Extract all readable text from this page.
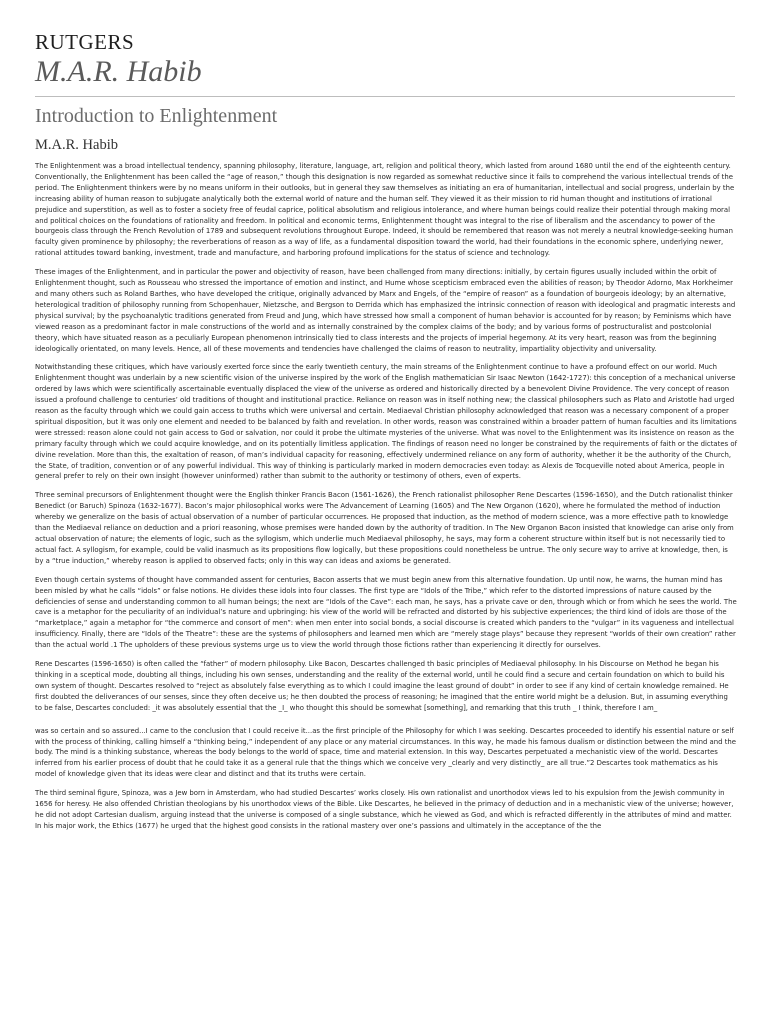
RUTGERS
M.A.R. Habib
Introduction to Enlightenment
M.A.R. Habib

The Enlightenment was a broad intellectual tendency, spanning philosophy, literature, language, art, religion and political theory, which lasted from around 1680 until the end of the eighteenth century. Conventionally, the Enlightenment has been called the “age of reason,” though this designation is now regarded as somewhat reductive since it fails to comprehend the various intellectual trends of the period. The Enlightenment thinkers were by no means uniform in their outlooks, but in general they saw themselves as initiating an era of humanitarian, intellectual and social progress, underlain by the increasing ability of human reason to subjugate analytically both the external world of nature and the human self. They viewed it as their mission to rid human thought and institutions of irrational prejudice and superstition, as well as to foster a society free of feudal caprice, political absolutism and religious intolerance, and where human beings could realize their potential through making moral and political choices on the foundations of rationality and freedom. In political and economic terms, Enlightenment thought was integral to the rise of liberalism and the ascendancy to power of the bourgeois class through the French Revolution of 1789 and subsequent revolutions throughout Europe. Indeed, it should be remembered that reason was not merely a neutral knowledge-seeking human faculty given prominence by philosophy; the reverberations of reason as a way of life, as a fundamental disposition toward the world, had their foundations in the economic sphere, underlying newer, rational attitudes toward banking, investment, trade and manufacture, and harboring profound implications for the status of science and technology.

These images of the Enlightenment, and in particular the power and objectivity of reason, have been challenged from many directions: initially, by certain figures usually included within the orbit of Enlightenment thought, such as Rousseau who stressed the importance of emotion and instinct, and Hume whose scepticism embraced even the abilities of reason; by Theodor Adorno, Max Horkheimer and many others such as Roland Barthes, who have developed the critique, originally advanced by Marx and Engels, of the “empire of reason” as a foundation of bourgeois ideology; by an alternative, heterological tradition of philosophy running from Schopenhauer, Nietzsche, and Bergson to Derrida which has emphasized the intrinsic connection of reason with ideological and pragmatic interests and physical survival; by the psychoanalytic traditions generated from Freud and Jung, which have stressed how small a component of human behavior is accounted for by reason; by Feminisms which have viewed reason as a predominant factor in male constructions of the world and as internally constrained by the complex claims of the body; and by various forms of postructuralist and postcolonial theory, which have situated reason as a peculiarly European phenomenon intrinsically tied to class interests and the projects of imperial hegemony. At its very heart, reason was from the beginning ideologically orientated, on many levels. Hence, all of these movements and tendencies have challenged the claims of reason to neutrality, impartiality objectivity and universality.

Notwithstanding these critiques, which have variously exerted force since the early twentieth century, the main streams of the Enlightenment continue to have a profound effect on our world. Much Enlightenment thought was underlain by a new scientific vision of the universe inspired by the work of the English mathematician Sir Isaac Newton (1642-1727): this conception of a mechanical universe ordered by laws which were scientifically ascertainable eventually displaced the view of the universe as ordered and historically directed by a benevolent Divine Providence. The very concept of reason issued a profound challenge to centuries’ old traditions of thought and institutional practice. Reliance on reason was in itself nothing new; the classical philosophers such as Plato and Aristotle had urged reason as the faculty through which we could gain access to truths which were universal and certain. Mediaeval Christian philosophy acknowledged that reason was a necessary component of a proper spiritual disposition, but it was only one element and needed to be balanced by faith and revelation. In other words, reason was constrained within a broader pattern of human faculties and its limitations were stressed: reason alone could not gain access to God or salvation, nor could it probe the ultimate mysteries of the universe. What was novel to the Enlightenment was its insistence on reason as the primary faculty through which we could acquire knowledge, and on its potentially limitless application. The findings of reason need no longer be constrained by the requirements of faith or the dictates of divine revelation. More than this, the exaltation of reason, of man’s individual capacity for reasoning, effectively undermined reliance on any form of authority, whether it be the authority of the Church, the State, of tradition, convention or of any powerful individual. This way of thinking is particularly marked in modern democracies even today: as Alexis de Tocqueville noted about America, people in general prefer to rely on their own insight (however uninformed) rather than submit to the authority or testimony of others, even of experts.

Three seminal precursors of Enlightenment thought were the English thinker Francis Bacon (1561-1626), the French rationalist philosopher Rene Descartes (1596-1650), and the Dutch rationalist thinker Benedict (or Baruch) Spinoza (1632-1677). Bacon’s major philosophical works were The Advancement of Learning (1605) and The New Organon (1620), where he formulated the method of induction whereby we generalize on the basis of actual observation of a number of particular occurrences. He proposed that induction, as the method of modern science, was a more effective path to knowledge than the Mediaeval reliance on deduction and a priori reasoning, whose premises were handed down by the authority of tradition. In The New Organon Bacon insisted that knowledge can arise only from actual observation of nature; the elements of logic, such as the syllogism, which underlie much Mediaeval philosophy, he says, may form a coherent structure within itself but is not necessarily tied to actual fact. A syllogism, for example, could be valid inasmuch as its propositions flow logically, but these propositions could nonetheless be untrue. The only secure way to arrive at knowledge, then, is by a “true induction,” whereby reason is applied to observed facts; only in this way can ideas and axioms be generated.

Even though certain systems of thought have commanded assent for centuries, Bacon asserts that we must begin anew from this alternative foundation. Up until now, he warns, the human mind has been misled by what he calls “idols” or false notions. He divides these idols into four classes. The first type are “Idols of the Tribe,” which refer to the distorted impressions of nature caused by the deficiencies of sense and understanding common to all human beings; the next are “Idols of the Cave”: each man, he says, has a private cave or den, through which or from which he sees the world. The cave is a metaphor for the peculiarity of an individual’s nature and upbringing: his view of the world will be refracted and distorted by his subjective experiences; the third kind of idols are those of the “marketplace,” again a metaphor for “the commerce and consort of men”: when men enter into social bonds, a social discourse is created which panders to the “vulgar” in its vagueness and intellectual insufficiency. Finally, there are “Idols of the Theatre”: these are the systems of philosophers and learned men which are “merely stage plays” because they represent “worlds of their own creation” rather than the actual world .1 The upholders of these previous systems urge us to view the world through those fictions rather than experiencing it directly for ourselves.

Rene Descartes (1596-1650) is often called the “father” of modern philosophy. Like Bacon, Descartes challenged th basic principles of Mediaeval philosophy. In his Discourse on Method he began his thinking in a sceptical mode, doubting all things, including his own senses, understanding and the reality of the external world, until he could find a secure and certain foundation on which to build his own system of thought. Descartes resolved to “reject as absolutely false everything as to which I could imagine the least ground of doubt” in order to see if any kind of certain knowledge remained. He first doubted the deliverances of our senses, since they often deceive us; he then doubted the process of reasoning; he imagined that the entire world might be a delusion. But, in assuming everything to be false, Descartes concluded: _it was absolutely essential that the _I_ who thought this should be somewhat [something], and remarking that this truth _ I think, therefore I am_

was so certain and so assured...I came to the conclusion that I could receive it...as the first principle of the Philosophy for which I was seeking. Descartes proceeded to identify his essential nature or self with the process of thinking, calling himself a “thinking being,” independent of any place or any material circumstances. In this way, he made his famous dualism or distinction between the mind and the body. The mind is a thinking substance, whereas the body belongs to the world of space, time and material extension. In this way, Descartes perpetuated a mechanistic view of the world. Descartes inferred from his earlier process of doubt that he could take it as a general rule that the things which we conceive very _clearly and very distinctly_ are all true.”2 Descartes took mathematics as his model of knowledge given that its ideas were clear and distinct and that its truths were certain.

The third seminal figure, Spinoza, was a Jew born in Amsterdam, who had studied Descartes’ works closely. His own rationalist and unorthodox views led to his expulsion from the Jewish community in 1656 for heresy. He also offended Christian theologians by his unorthodox views of the Bible. Like Descartes, he believed in the primacy of deduction and in a mechanistic view of the universe; however, he did not adopt Cartesian dualism, arguing instead that the universe is composed of a single substance, which he viewed as God, and which is refracted differently in the attributes of mind and matter. In his major work, the Ethics (1677) he urged that the highest good consists in the rational mastery over one’s passions and ultimately in the acceptance of the the
